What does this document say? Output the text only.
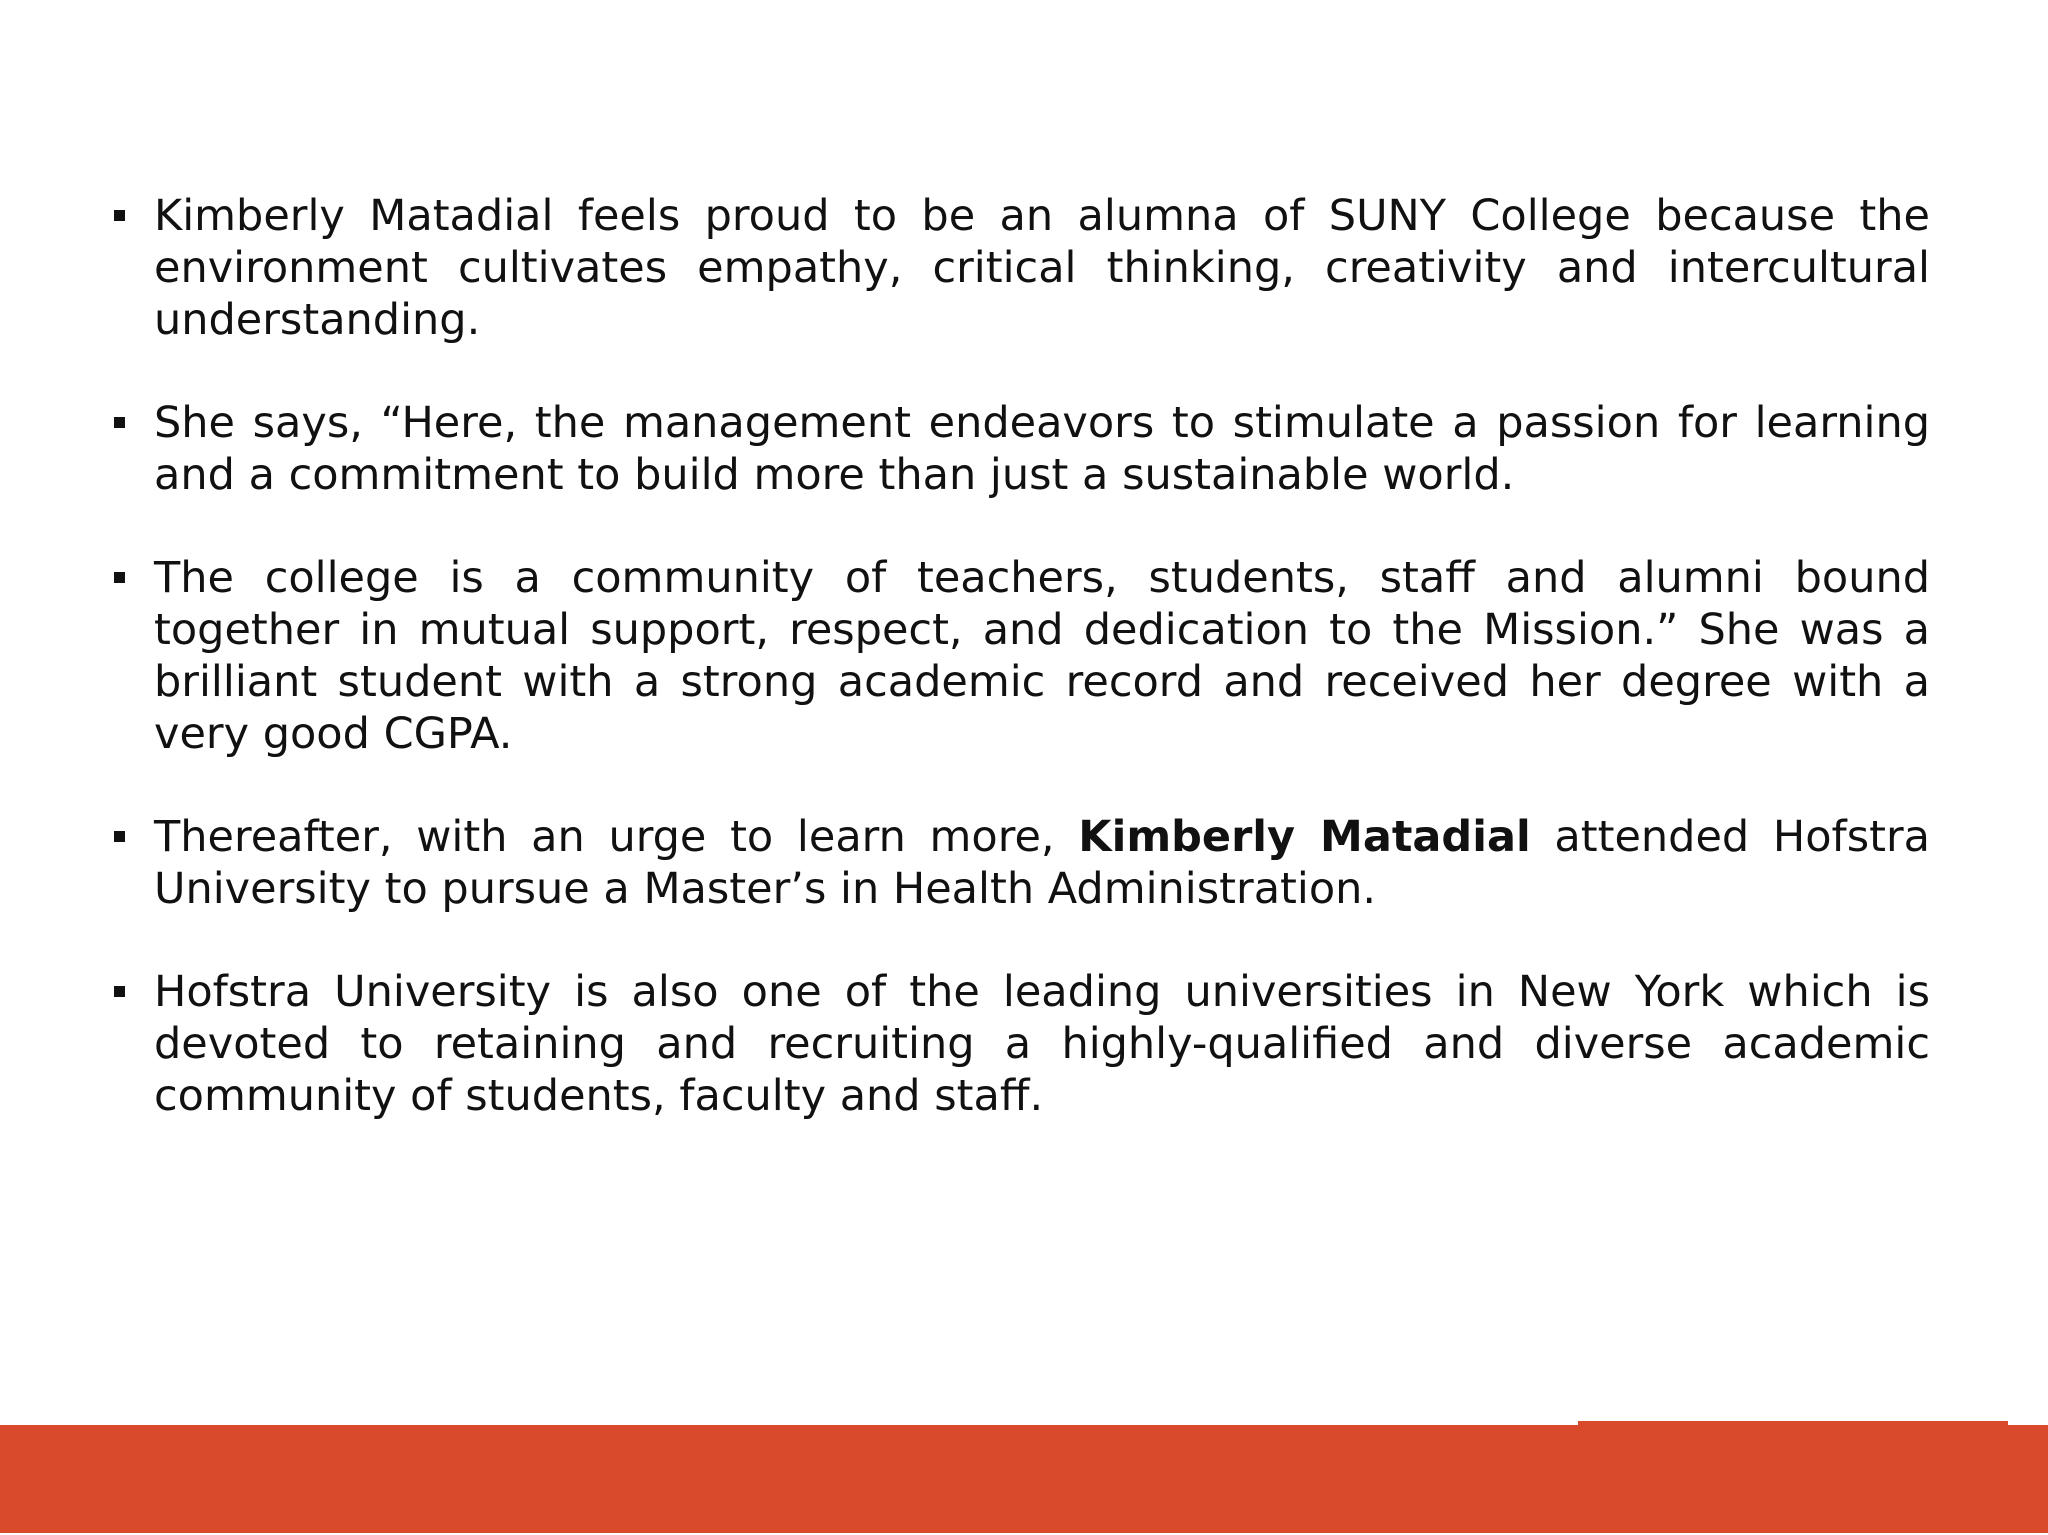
Kimberly Matadial feels proud to be an alumna of SUNY College because the environment cultivates empathy, critical thinking, creativity and intercultural understanding.

She says, “Here, the management endeavors to stimulate a passion for learning and a commitment to build more than just a sustainable world.

The college is a community of teachers, students, staff and alumni bound together in mutual support, respect, and dedication to the Mission.” She was a brilliant student with a strong academic record and received her degree with a very good CGPA.

Thereafter, with an urge to learn more, Kimberly Matadial attended Hofstra University to pursue a Master’s in Health Administration.

Hofstra University is also one of the leading universities in New York which is devoted to retaining and recruiting a highly-qualified and diverse academic community of students, faculty and staff.
